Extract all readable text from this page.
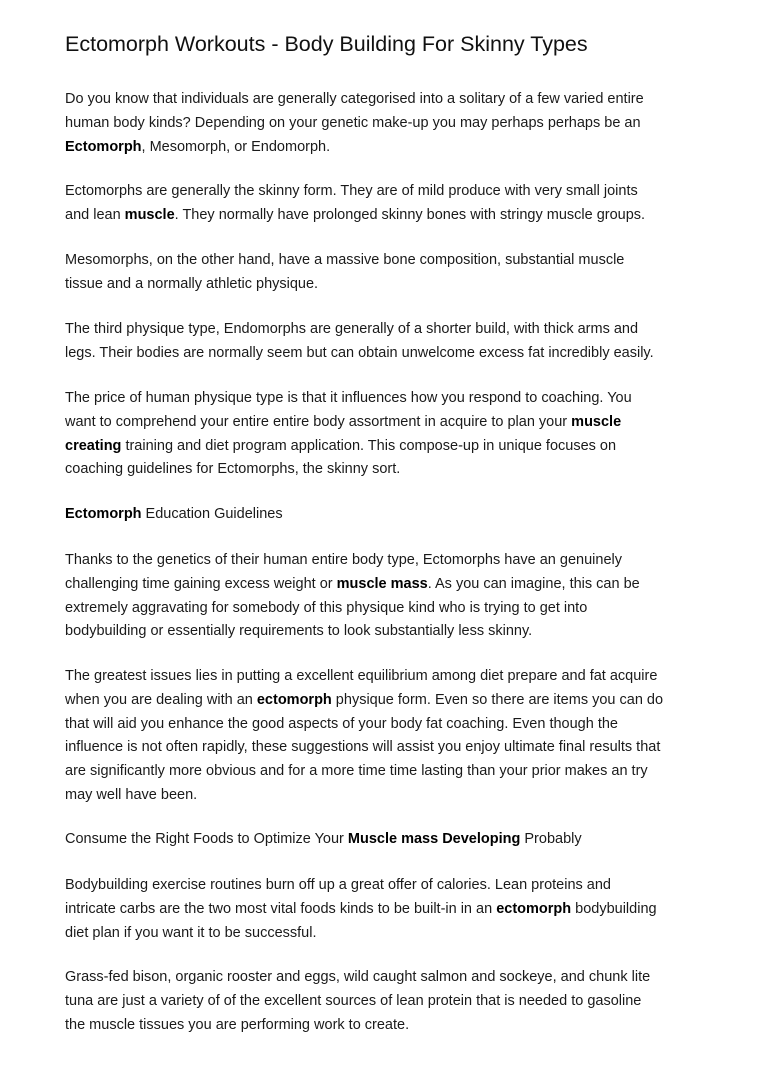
Ectomorph Workouts - Body Building For Skinny Types

Do you know that individuals are generally categorised into a solitary of a few varied entire
human body kinds? Depending on your genetic make-up you may perhaps perhaps be an
Ectomorph, Mesomorph, or Endomorph.

Ectomorphs are generally the skinny form. They are of mild produce with very small joints
and lean muscle. They normally have prolonged skinny bones with stringy muscle groups.

Mesomorphs, on the other hand, have a massive bone composition, substantial muscle
tissue and a normally athletic physique.

The third physique type, Endomorphs are generally of a shorter build, with thick arms and
legs. Their bodies are normally seem but can obtain unwelcome excess fat incredibly easily.

The price of human physique type is that it influences how you respond to coaching. You
want to comprehend your entire entire body assortment in acquire to plan your muscle
creating training and diet program application. This compose-up in unique focuses on
coaching guidelines for Ectomorphs, the skinny sort.

Ectomorph Education Guidelines

Thanks to the genetics of their human entire body type, Ectomorphs have an genuinely
challenging time gaining excess weight or muscle mass. As you can imagine, this can be
extremely aggravating for somebody of this physique kind who is trying to get into
bodybuilding or essentially requirements to look substantially less skinny.

The greatest issues lies in putting a excellent equilibrium among diet prepare and fat acquire
when you are dealing with an ectomorph physique form. Even so there are items you can do
that will aid you enhance the good aspects of your body fat coaching. Even though the
influence is not often rapidly, these suggestions will assist you enjoy ultimate final results that
are significantly more obvious and for a more time time lasting than your prior makes an try
may well have been.

Consume the Right Foods to Optimize Your Muscle mass Developing Probably

Bodybuilding exercise routines burn off up a great offer of calories. Lean proteins and
intricate carbs are the two most vital foods kinds to be built-in in an ectomorph bodybuilding
diet plan if you want it to be successful.

Grass-fed bison, organic rooster and eggs, wild caught salmon and sockeye, and chunk lite
tuna are just a variety of of the excellent sources of lean protein that is needed to gasoline
the muscle tissues you are performing work to create.
